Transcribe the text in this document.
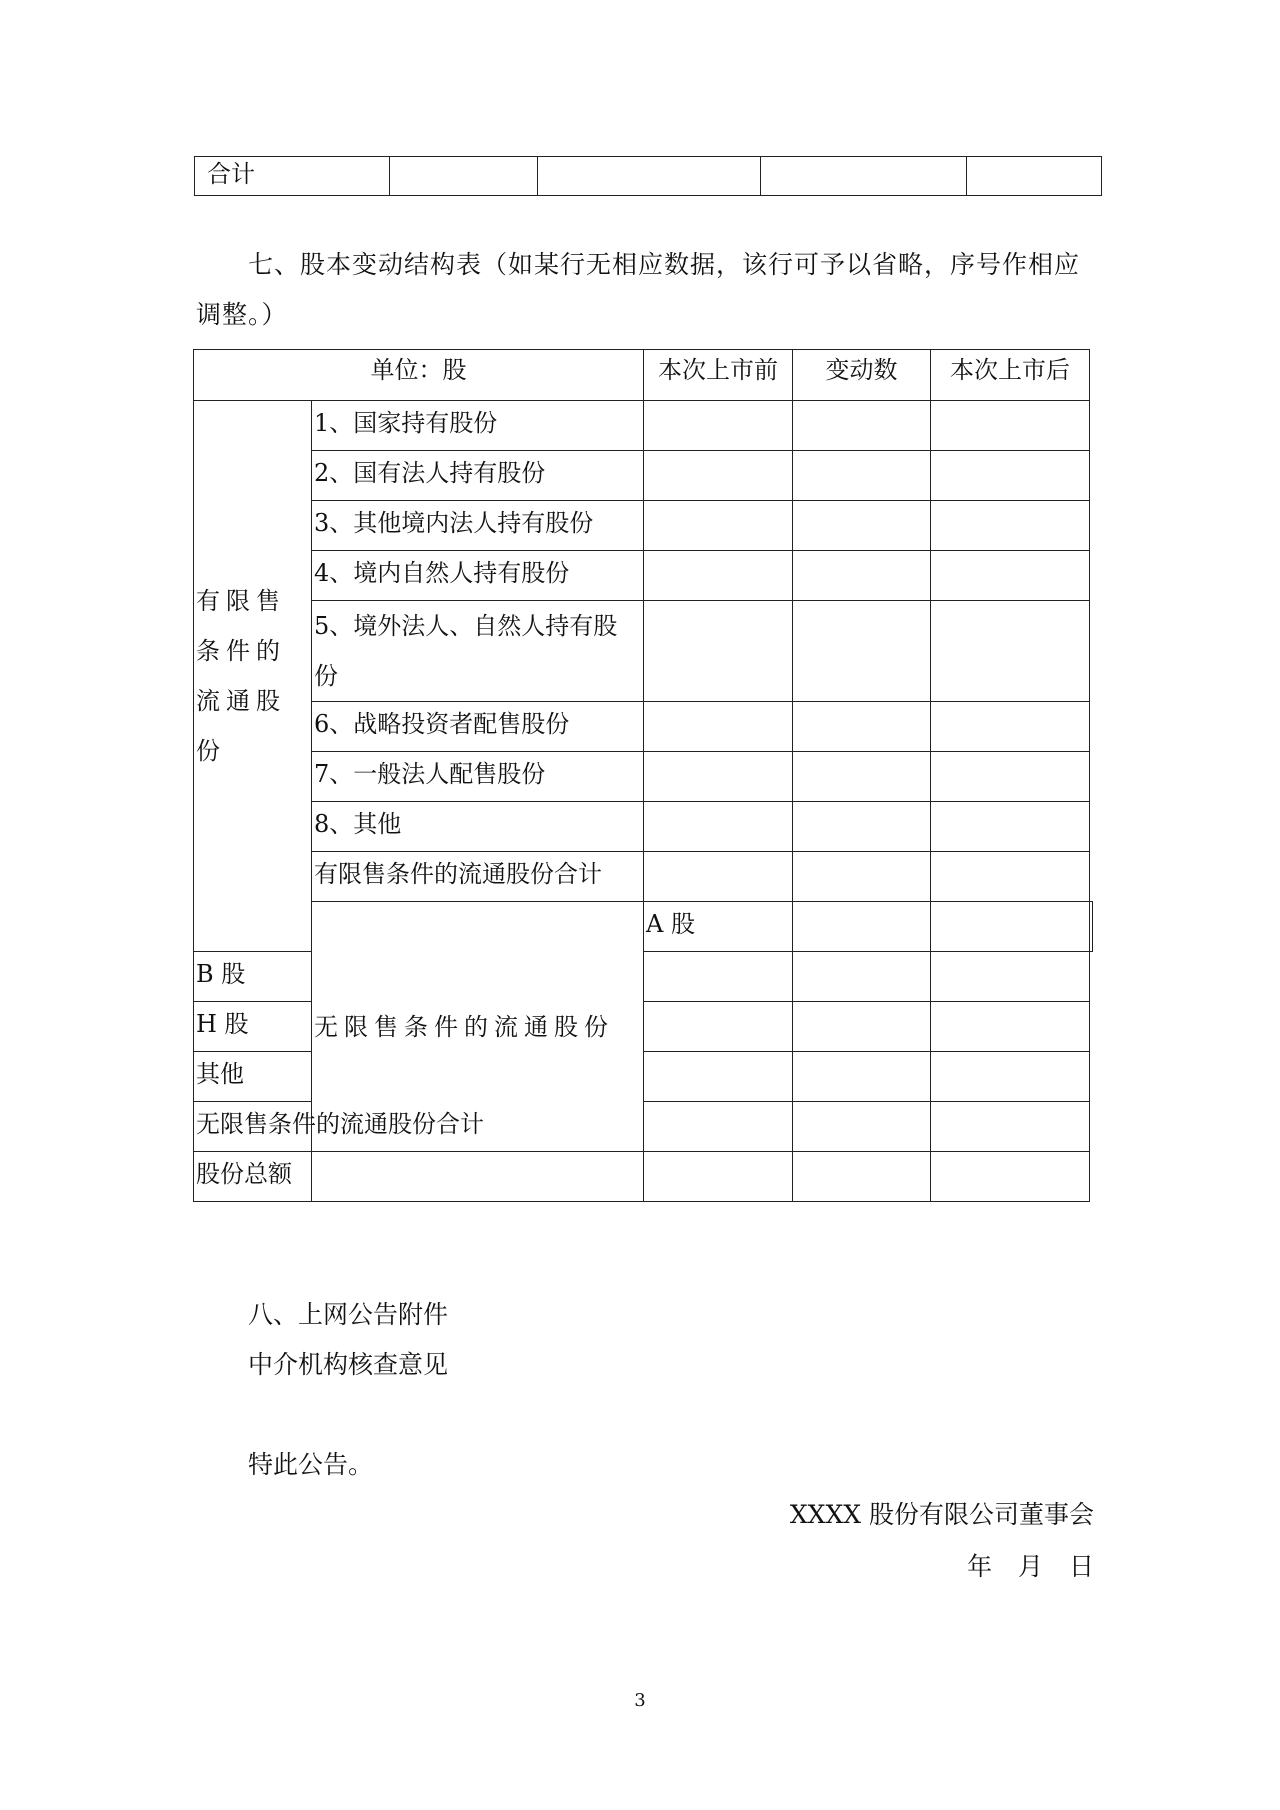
合计				
七、股本变动结构表（如某行无相应数据，该行可予以省略，序号作相应调整。）
单位：股		本次上市前	变动数	本次上市后	
有限售条件的流通股份	1、国家持有股份				
	2、国有法人持有股份				
	3、其他境内法人持有股份				
	4、境内自然人持有股份				
	5、境外法人、自然人持有股份				
	6、战略投资者配售股份				
	7、一般法人配售股份				
	8、其他				
	有限售条件的流通股份合计				
	无限售条件的流通股份	A 股			
B 股					
H 股					
其他					
无限售条件的流通股份合计					
股份总额					
八、上网公告附件
中介机构核查意见
特此公告。
XXXX 股份有限公司董事会
年 月 日
3
